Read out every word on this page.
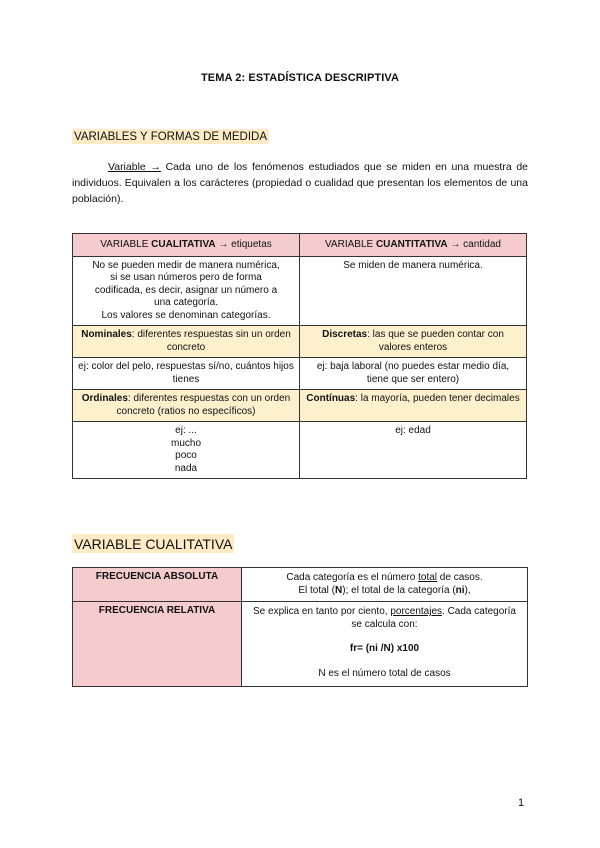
TEMA 2: ESTADÍSTICA DESCRIPTIVA
VARIABLES Y FORMAS DE MEDIDA
Variable → Cada uno de los fenómenos estudiados que se miden en una muestra de individuos. Equivalen a los carácteres (propiedad o cualidad que presentan los elementos de una población).
VARIABLE CUALITATIVA → etiquetas	VARIABLE CUANTITATIVA → cantidad

No se pueden medir de manera numérica,
si se usan números pero de forma
codificada, es decir, asignar un número a
una categoría.
Los valores se denominan categorías.	Se miden de manera numérica.
Nominales: diferentes respuestas sin un orden concreto	Discretas: las que se pueden contar con valores enteros
ej: color del pelo, respuestas sí/no, cuántos hijos tienes	ej: baja laboral (no puedes estar medio día, tiene que ser entero)
Ordinales: diferentes respuestas con un orden concreto (ratios no específicos)	Contínuas: la mayoría, pueden tener decimales

ej: ...
mucho
poco
nada	ej: edad
VARIABLE CUALITATIVA
FRECUENCIA ABSOLUTA	Cada categoría es el número total de casos.
El total (N); el total de la categoría (ni),

FRECUENCIA RELATIVA	Se explica en tanto por ciento, porcentajes. Cada categoría se calcula con:
fr= (ni /N) x100
N es el número total de casos
1
